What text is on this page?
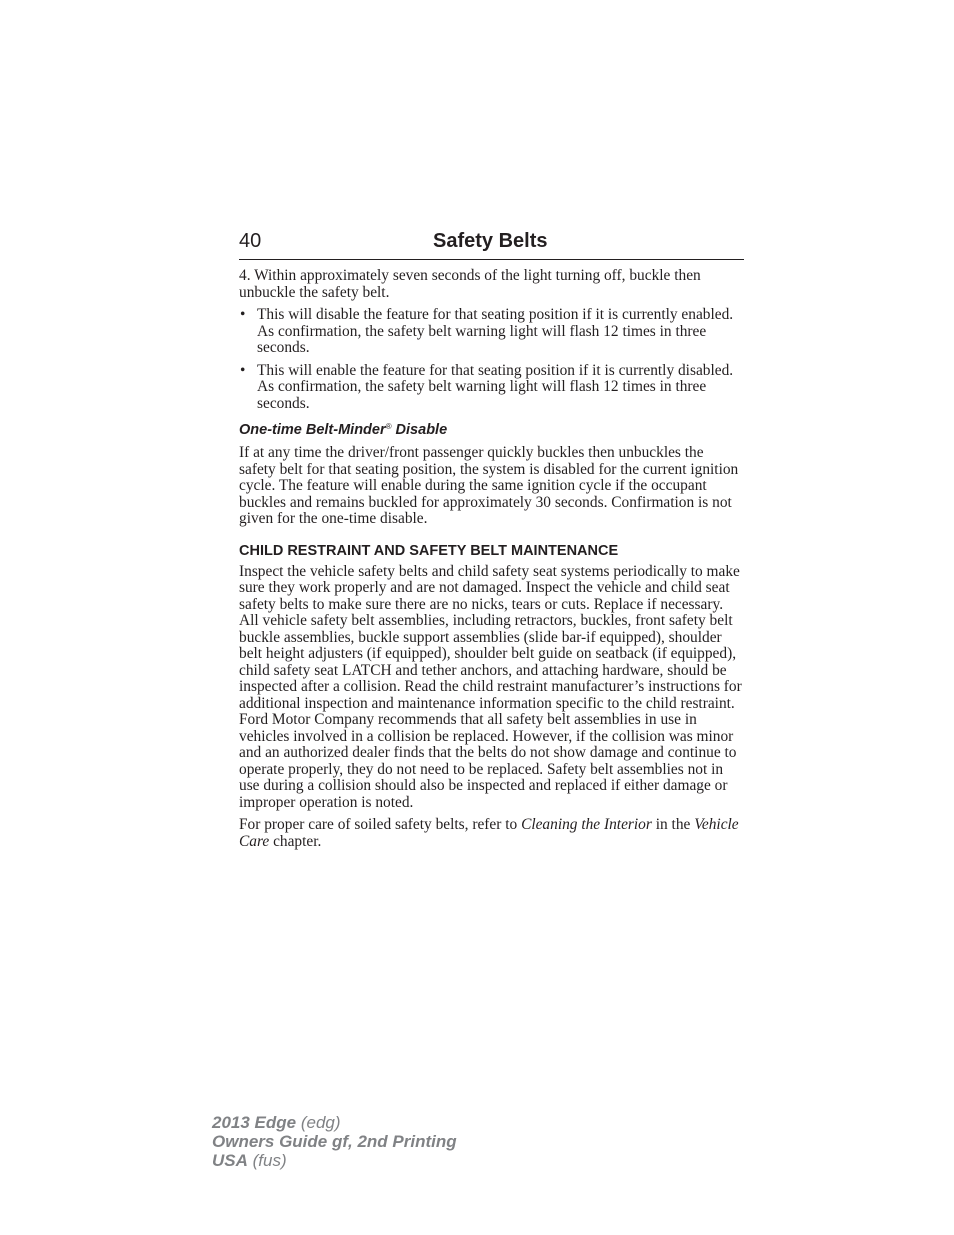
40	Safety Belts

4. Within approximately seven seconds of the light turning off, buckle then unbuckle the safety belt.

• This will disable the feature for that seating position if it is currently enabled. As confirmation, the safety belt warning light will flash 12 times in three seconds.
• This will enable the feature for that seating position if it is currently disabled. As confirmation, the safety belt warning light will flash 12 times in three seconds.
One-time Belt-Minder® Disable

If at any time the driver/front passenger quickly buckles then unbuckles the safety belt for that seating position, the system is disabled for the current ignition cycle. The feature will enable during the same ignition cycle if the occupant buckles and remains buckled for approximately 30 seconds. Confirmation is not given for the one-time disable.

CHILD RESTRAINT AND SAFETY BELT MAINTENANCE

Inspect the vehicle safety belts and child safety seat systems periodically to make sure they work properly and are not damaged. Inspect the vehicle and child seat safety belts to make sure there are no nicks, tears or cuts. Replace if necessary. All vehicle safety belt assemblies, including retractors, buckles, front safety belt buckle assemblies, buckle support assemblies (slide bar-if equipped), shoulder belt height adjusters (if equipped), shoulder belt guide on seatback (if equipped), child safety seat LATCH and tether anchors, and attaching hardware, should be inspected after a collision. Read the child restraint manufacturer’s instructions for additional inspection and maintenance information specific to the child restraint. Ford Motor Company recommends that all safety belt assemblies in use in vehicles involved in a collision be replaced. However, if the collision was minor and an authorized dealer finds that the belts do not show damage and continue to operate properly, they do not need to be replaced. Safety belt assemblies not in use during a collision should also be inspected and replaced if either damage or improper operation is noted.

For proper care of soiled safety belts, refer to Cleaning the Interior in the Vehicle Care chapter.

2013 Edge (edg)
Owners Guide gf, 2nd Printing
USA (fus)
